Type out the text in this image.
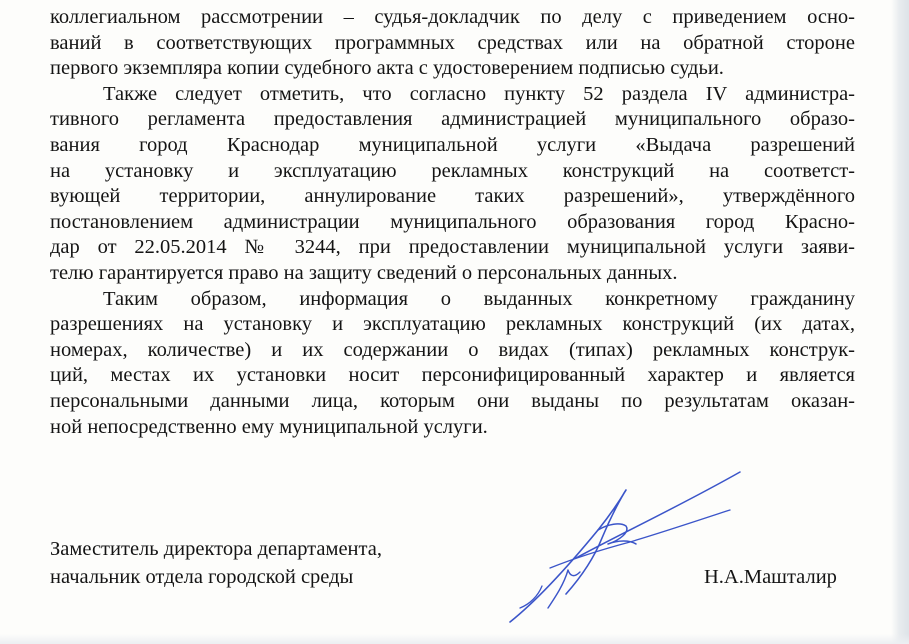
коллегиальном рассмотрении – судья-докладчик по делу с приведением осно-
ваний в соответствующих программных средствах или на обратной стороне
первого экземпляра копии судебного акта с удостоверением подписью судьи.

Также следует отметить, что согласно пункту 52 раздела IV администра-
тивного регламента предоставления администрацией муниципального образо-
вания город Краснодар муниципальной услуги «Выдача разрешений
на установку и эксплуатацию рекламных конструкций на соответст-
вующей территории, аннулирование таких разрешений», утверждённого
постановлением администрации муниципального образования город Красно-
дар от 22.05.2014 № 3244, при предоставлении муниципальной услуги заяви-
телю гарантируется право на защиту сведений о персональных данных.

Таким образом, информация о выданных конкретному гражданину
разрешениях на установку и эксплуатацию рекламных конструкций (их датах,
номерах, количестве) и их содержании о видах (типах) рекламных конструк-
ций, местах их установки носит персонифицированный характер и является
персональными данными лица, которым они выданы по результатам оказан-
ной непосредственно ему муниципальной услуги.

Заместитель директора департамента,
начальник отдела городской среды	Н.А.Машталир
